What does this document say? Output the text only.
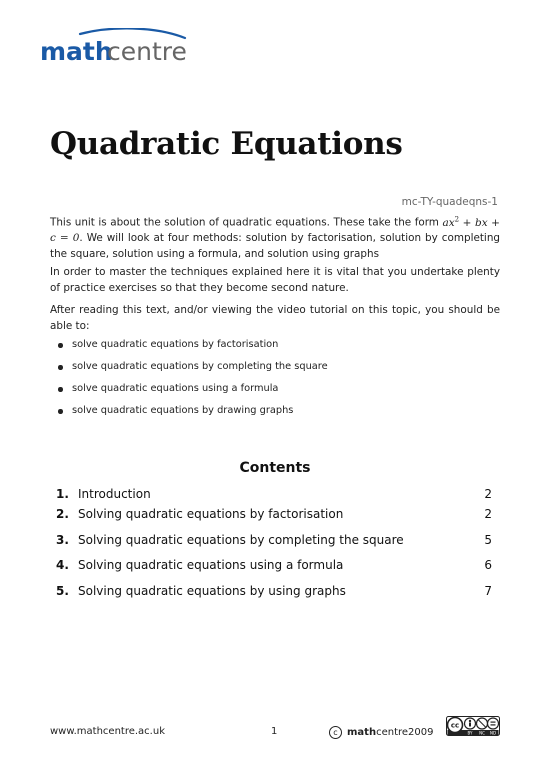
math
centre
Quadratic Equations
mc-TY-quadeqns-1

This unit is about the solution of quadratic equations. These take the form $ax^2$ + bx + c = 0. We will look at four methods: solution by factorisation, solution by completing the square, solution using a formula, and solution using graphs

In order to master the techniques explained here it is vital that you undertake plenty of practice exercises so that they become second nature.

After reading this text, and/or viewing the video tutorial on this topic, you should be able to:

solve quadratic equations by factorisation
solve quadratic equations by completing the square
solve quadratic equations using a formula
solve quadratic equations by drawing graphs
Contents
1. Introduction	2
2. Solving quadratic equations by factorisation	2
3. Solving quadratic equations by completing the square	5
4. Solving quadratic equations using a formula	6
5. Solving quadratic equations by using graphs	7
www.mathcentre.ac.uk	1	c math centre 2009
cc
BY NC ND
